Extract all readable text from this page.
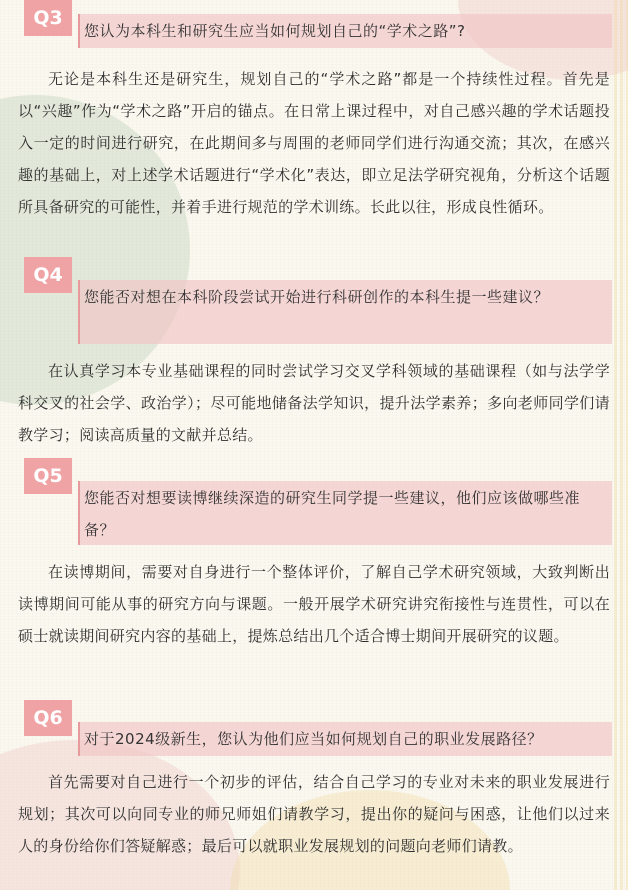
Q3
您认为本科生和研究生应当如何规划自己的“学术之路”?

无论是本科生还是研究生，规划自己的“学术之路”都是一个持续性过程。首先是以“兴趣”作为“学术之路”开启的锚点。在日常上课过程中，对自己感兴趣的学术话题投入一定的时间进行研究，在此期间多与周围的老师同学们进行沟通交流；其次，在感兴趣的基础上，对上述学术话题进行“学术化”表达，即立足法学研究视角，分析这个话题所具备研究的可能性，并着手进行规范的学术训练。长此以往，形成良性循环。

Q4
您能否对想在本科阶段尝试开始进行科研创作的本科生提一些建议？

在认真学习本专业基础课程的同时尝试学习交叉学科领域的基础课程（如与法学学科交叉的社会学、政治学）；尽可能地储备法学知识，提升法学素养；多向老师同学们请教学习；阅读高质量的文献并总结。

Q5
您能否对想要读博继续深造的研究生同学提一些建议，他们应该做哪些准备？

在读博期间，需要对自身进行一个整体评价，了解自己学术研究领域，大致判断出读博期间可能从事的研究方向与课题。一般开展学术研究讲究衔接性与连贯性，可以在硕士就读期间研究内容的基础上，提炼总结出几个适合博士期间开展研究的议题。

Q6
对于2024级新生，您认为他们应当如何规划自己的职业发展路径？

首先需要对自己进行一个初步的评估，结合自己学习的专业对未来的职业发展进行规划；其次可以向同专业的师兄师姐们请教学习，提出你的疑问与困惑，让他们以过来人的身份给你们答疑解惑；最后可以就职业发展规划的问题向老师们请教。
